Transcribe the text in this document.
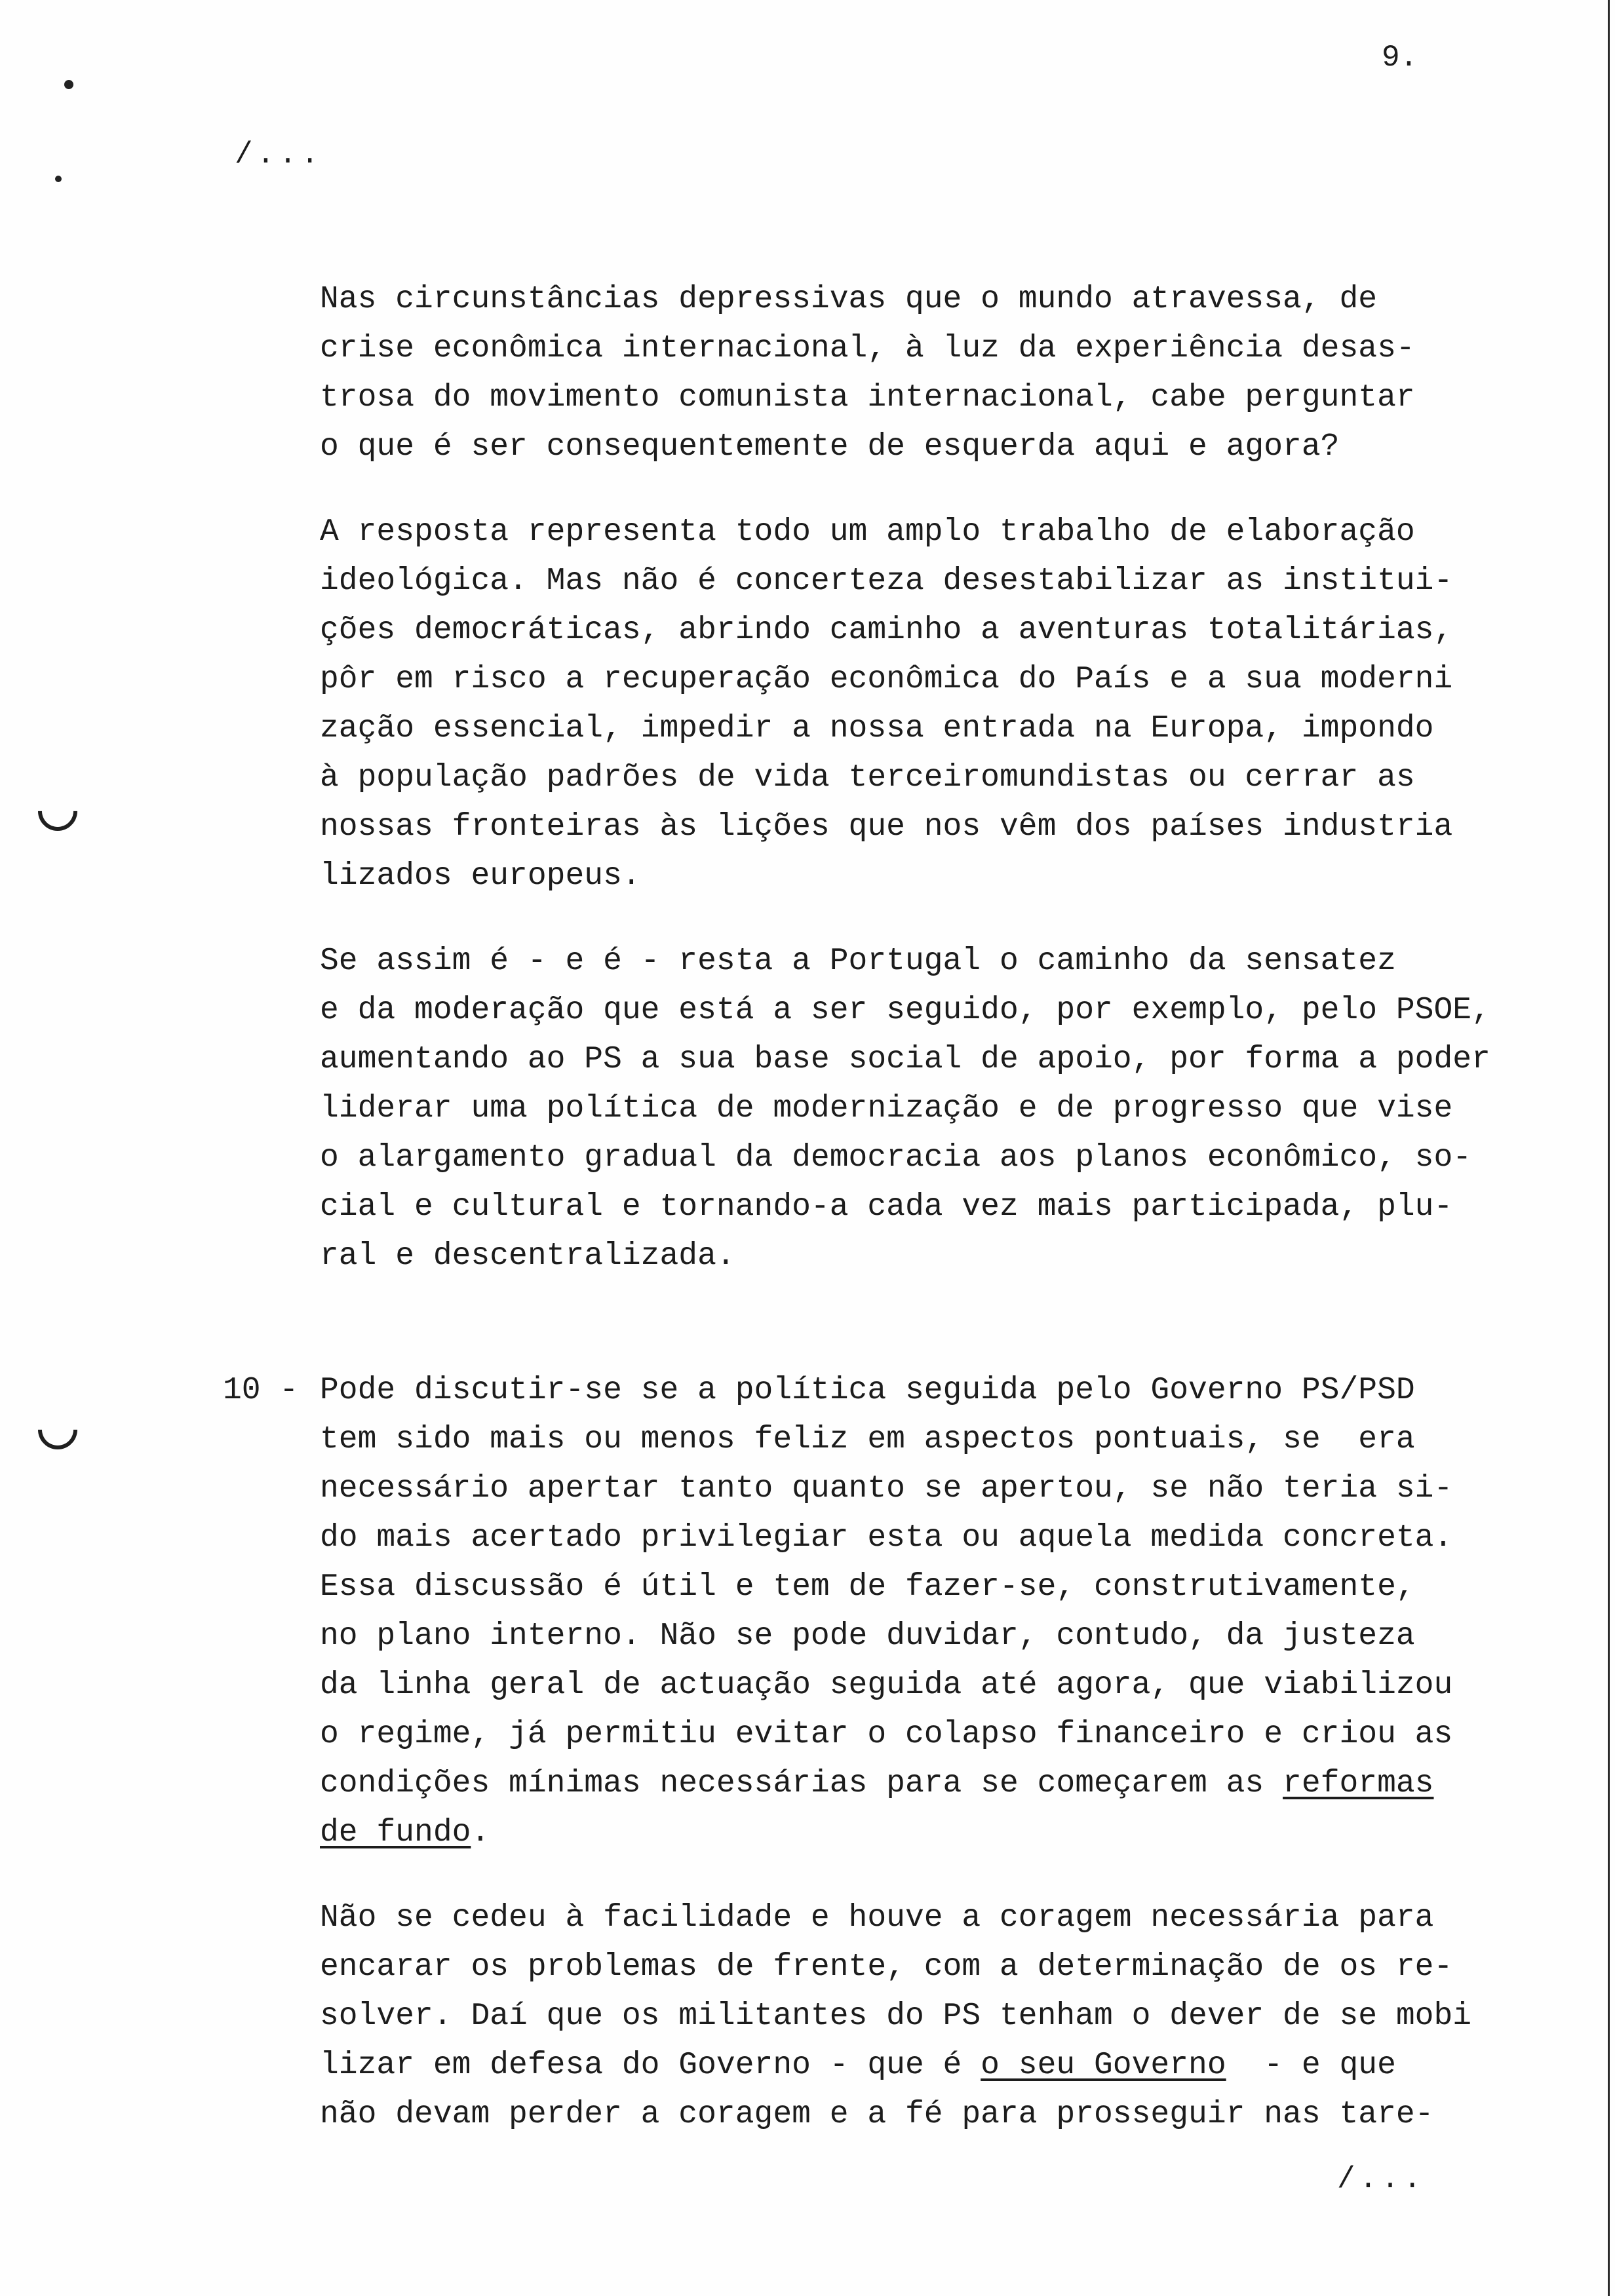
9.
/...
Nas circunstâncias depressivas que o mundo atravessa, de
crise econômica internacional, à luz da experiência desas-
trosa do movimento comunista internacional, cabe perguntar
o que é ser consequentemente de esquerda aqui e agora?
A resposta representa todo um amplo trabalho de elaboração
ideológica. Mas não é concerteza desestabilizar as institui-
ções democráticas, abrindo caminho a aventuras totalitárias,
pôr em risco a recuperação econômica do País e a sua moderni
zação essencial, impedir a nossa entrada na Europa, impondo
à população padrões de vida terceiromundistas ou cerrar as
nossas fronteiras às lições que nos vêm dos países industria
lizados europeus.
Se assim é - e é - resta a Portugal o caminho da sensatez
e da moderação que está a ser seguido, por exemplo, pelo PSOE,
aumentando ao PS a sua base social de apoio, por forma a poder
liderar uma política de modernização e de progresso que vise
o alargamento gradual da democracia aos planos econômico, so-
cial e cultural e tornando-a cada vez mais participada, plu-
ral e descentralizada.
10 - Pode discutir-se se a política seguida pelo Governo PS/PSD
tem sido mais ou menos feliz em aspectos pontuais, se  era
necessário apertar tanto quanto se apertou, se não teria si-
do mais acertado privilegiar esta ou aquela medida concreta.
Essa discussão é útil e tem de fazer-se, construtivamente,
no plano interno. Não se pode duvidar, contudo, da justeza
da linha geral de actuação seguida até agora, que viabilizou
o regime, já permitiu evitar o colapso financeiro e criou as
condições mínimas necessárias para se começarem as reformas
de fundo.
Não se cedeu à facilidade e houve a coragem necessária para
encarar os problemas de frente, com a determinação de os re-
solver. Daí que os militantes do PS tenham o dever de se mobi
lizar em defesa do Governo - que é o seu Governo  - e que
não devam perder a coragem e a fé para prosseguir nas tare-
/...
